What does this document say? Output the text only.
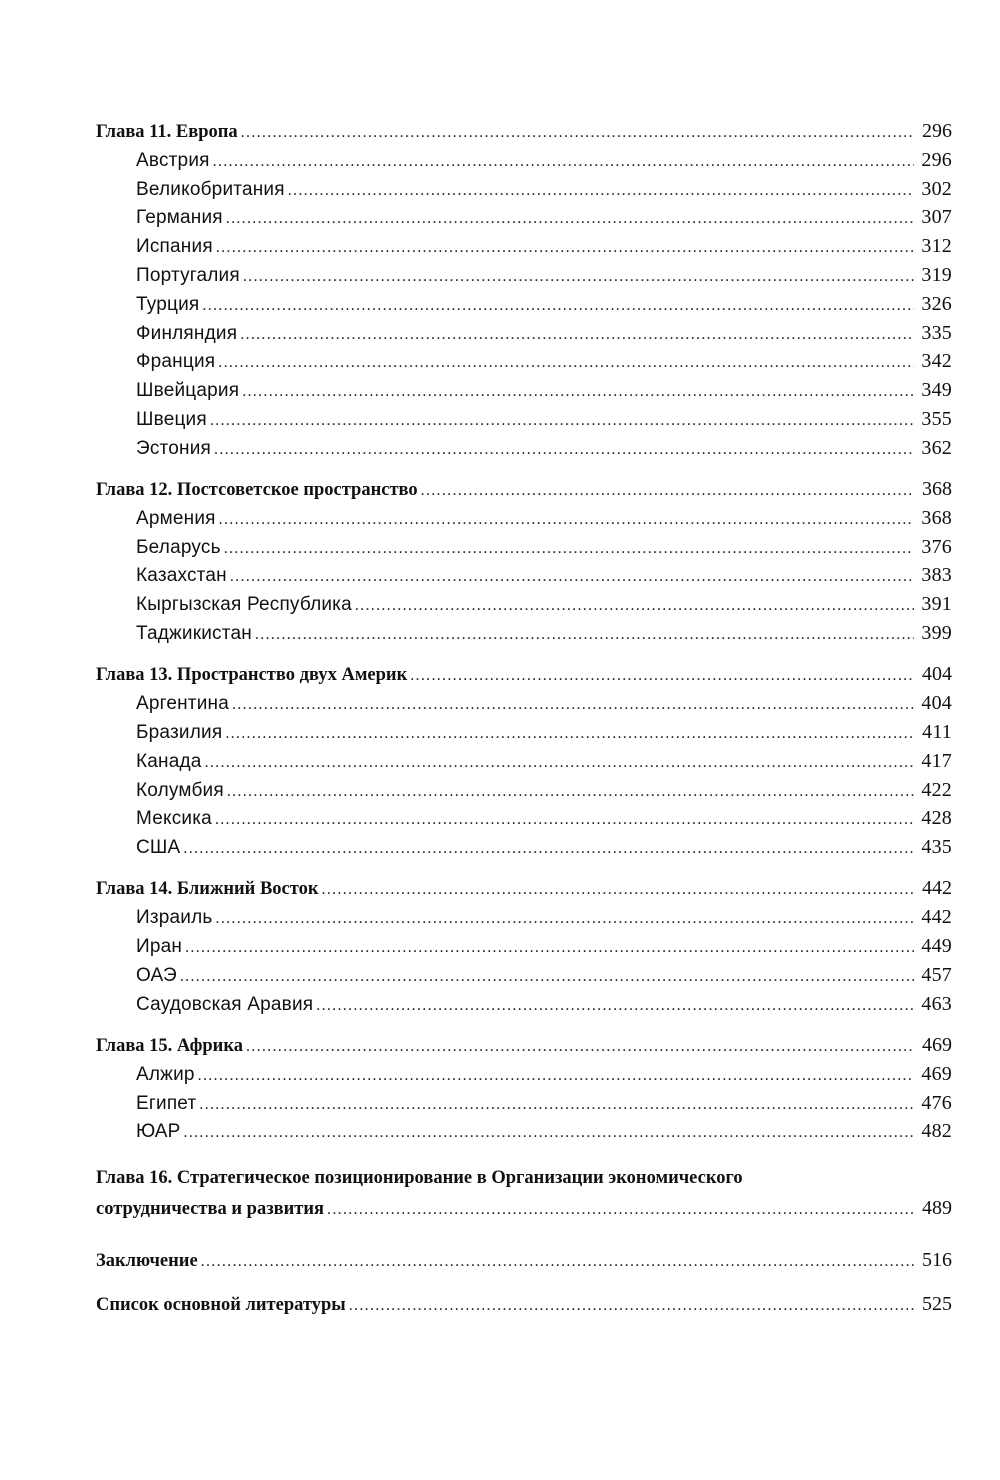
Глава 11. Европа .....	296
Австрия .....	296
Великобритания .....	302
Германия .....	307
Испания .....	312
Португалия .....	319
Турция .....	326
Финляндия .....	335
Франция .....	342
Швейцария .....	349
Швеция .....	355
Эстония .....	362
Глава 12. Постсоветское пространство .....	368
Армения .....	368
Беларусь .....	376
Казахстан .....	383
Кыргызская Республика .....	391
Таджикистан .....	399
Глава 13. Пространство двух Америк .....	404
Аргентина .....	404
Бразилия .....	411
Канада .....	417
Колумбия .....	422
Мексика .....	428
США .....	435
Глава 14. Ближний Восток .....	442
Израиль .....	442
Иран .....	449
ОАЭ .....	457
Саудовская Аравия .....	463
Глава 15. Африка .....	469
Алжир .....	469
Египет .....	476
ЮАР .....	482
Глава 16. Стратегическое позиционирование в Организации экономического
сотрудничества и развития .....	489
Заключение .....	516
Список основной литературы .....	525
